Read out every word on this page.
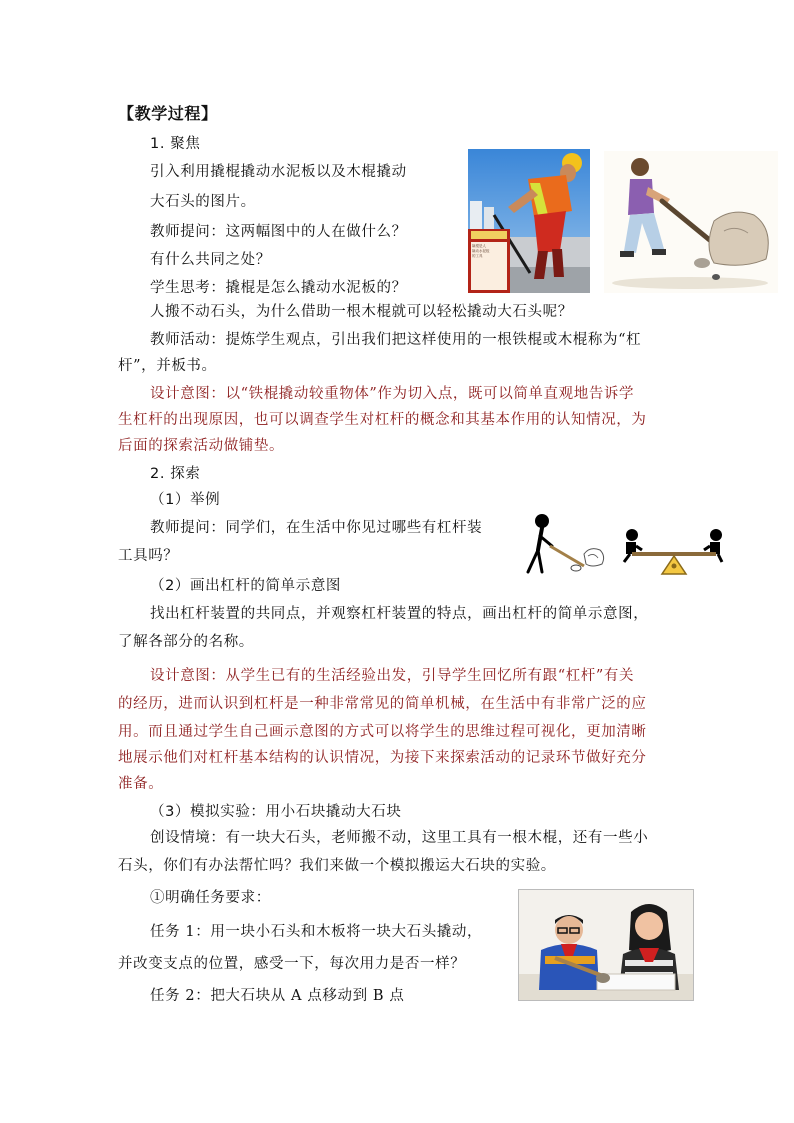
【教学过程】
1. 聚焦
引入利用撬棍撬动水泥板以及木棍撬动
大石头的图片。
教师提问：这两幅图中的人在做什么？
有什么共同之处？
学生思考：撬棍是怎么撬动水泥板的？
人搬不动石头，为什么借助一根木棍就可以轻松撬动大石头呢？
教师活动：提炼学生观点，引出我们把这样使用的一根铁棍或木棍称为“杠
杆”，并板书。
设计意图：以“铁棍撬动较重物体”作为切入点，既可以简单直观地告诉学
生杠杆的出现原因，也可以调查学生对杠杆的概念和其基本作用的认知情况，为
后面的探索活动做铺垫。
2. 探索
（1）举例
教师提问：同学们，在生活中你见过哪些有杠杆装
工具吗？
（2）画出杠杆的简单示意图
找出杠杆装置的共同点，并观察杠杆装置的特点，画出杠杆的简单示意图，
了解各部分的名称。
设计意图：从学生已有的生活经验出发，引导学生回忆所有跟“杠杆”有关
的经历，进而认识到杠杆是一种非常常见的简单机械，在生活中有非常广泛的应
用。而且通过学生自己画示意图的方式可以将学生的思维过程可视化，更加清晰
地展示他们对杠杆基本结构的认识情况，为接下来探索活动的记录环节做好充分
准备。
（3）模拟实验：用小石块撬动大石块
创设情境：有一块大石头，老师搬不动，这里工具有一根木棍，还有一些小
石头，你们有办法帮忙吗？我们来做一个模拟搬运大石块的实验。
①明确任务要求：
任务 1：用一块小石头和木板将一块大石头撬动，
并改变支点的位置，感受一下，每次用力是否一样？
任务 2：把大石块从 A 点移动到 B 点
撬棍是人
撬动水泥板
的工具
